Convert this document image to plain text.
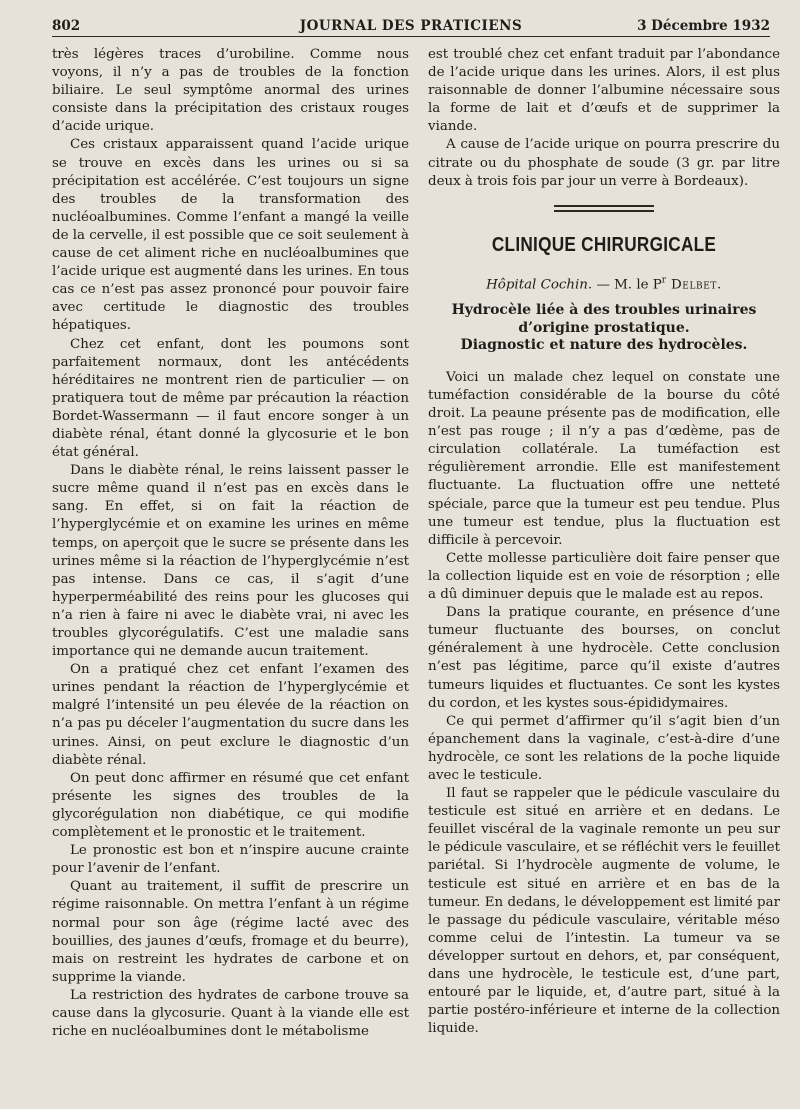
802	JOURNAL DES PRATICIENS	3 Décembre 1932

très légères traces d’urobiline. Comme nous voyons, il n’y a pas de troubles de la fonction biliaire. Le seul symptôme anormal des urines consiste dans la précipitation des cristaux rouges d’acide urique.

Ces cristaux apparaissent quand l’acide urique se trouve en excès dans les urines ou si sa précipitation est accélérée. C’est toujours un signe des troubles de la transformation des nucléoalbumines. Comme l’enfant a mangé la veille de la cervelle, il est possible que ce soit seulement à cause de cet aliment riche en nucléoalbumines que l’acide urique est augmenté dans les urines. En tous cas ce n’est pas assez prononcé pour pouvoir faire avec certitude le diagnostic des troubles hépatiques.

Chez cet enfant, dont les poumons sont parfaitement normaux, dont les antécédents héréditaires ne montrent rien de particulier — on pratiquera tout de même par précaution la réaction Bordet-Wassermann — il faut encore songer à un diabète rénal, étant donné la glycosurie et le bon état général.

Dans le diabète rénal, le reins laissent passer le sucre même quand il n’est pas en excès dans le sang. En effet, si on fait la réaction de l’hyperglycémie et on examine les urines en même temps, on aperçoit que le sucre se présente dans les urines même si la réaction de l’hyperglycémie n’est pas intense. Dans ce cas, il s’agit d’une hyperperméabilité des reins pour les glucoses qui n’a rien à faire ni avec le diabète vrai, ni avec les troubles glycorégulatifs. C’est une maladie sans importance qui ne demande aucun traitement.

On a pratiqué chez cet enfant l’examen des urines pendant la réaction de l’hyperglycémie et malgré l’intensité un peu élevée de la réaction on n’a pas pu déceler l’augmentation du sucre dans les urines. Ainsi, on peut exclure le diagnostic d’un diabète rénal.

On peut donc affirmer en résumé que cet enfant présente les signes des troubles de la glycorégulation non diabétique, ce qui modifie complètement et le pronostic et le traitement.

Le pronostic est bon et n’inspire aucune crainte pour l’avenir de l’enfant.

Quant au traitement, il suffit de prescrire un régime raisonnable. On mettra l’enfant à un régime normal pour son âge (régime lacté avec des bouillies, des jaunes d’œufs, fromage et du beurre), mais on restreint les hydrates de carbone et on supprime la viande.

La restriction des hydrates de carbone trouve sa cause dans la glycosurie. Quant à la viande elle est riche en nucléoalbumines dont le métabolisme

est troublé chez cet enfant traduit par l’abondance de l’acide urique dans les urines. Alors, il est plus raisonnable de donner l’albumine nécessaire sous la forme de lait et d’œufs et de supprimer la viande.

A cause de l’acide urique on pourra prescrire du citrate ou du phosphate de soude (3 gr. par litre deux à trois fois par jour un verre à Bordeaux).

CLINIQUE CHIRURGICALE
Hôpital Cochin. — M. le $P^r$ Delbet.
Hydrocèle liée à des troubles urinaires
d’origine prostatique.
Diagnostic et nature des hydrocèles.

Voici un malade chez lequel on constate une tuméfaction considérable de la bourse du côté droit. La peaune présente pas de modification, elle n’est pas rouge ; il n’y a pas d’œdème, pas de circulation collatérale. La tuméfaction est régulièrement arrondie. Elle est manifestement fluctuante. La fluctuation offre une netteté spéciale, parce que la tumeur est peu tendue. Plus une tumeur est tendue, plus la fluctuation est difficile à percevoir.

Cette mollesse particulière doit faire penser que la collection liquide est en voie de résorption ; elle a dû diminuer depuis que le malade est au repos.

Dans la pratique courante, en présence d’une tumeur fluctuante des bourses, on conclut généralement à une hydrocèle. Cette conclusion n’est pas légitime, parce qu’il existe d’autres tumeurs liquides et fluctuantes. Ce sont les kystes du cordon, et les kystes sous-épididymaires.

Ce qui permet d’affirmer qu’il s’agit bien d’un épanchement dans la vaginale, c’est-à-dire d’une hydrocèle, ce sont les relations de la poche liquide avec le testicule.

Il faut se rappeler que le pédicule vasculaire du testicule est situé en arrière et en dedans. Le feuillet viscéral de la vaginale remonte un peu sur le pédicule vasculaire, et se réfléchit vers le feuillet pariétal. Si l’hydrocèle augmente de volume, le testicule est situé en arrière et en bas de la tumeur. En dedans, le développement est limité par le passage du pédicule vasculaire, véritable méso comme celui de l’intestin. La tumeur va se développer surtout en dehors, et, par conséquent, dans une hydrocèle, le testicule est, d’une part, entouré par le liquide, et, d’autre part, situé à la partie postéro-inférieure et interne de la collection liquide.
